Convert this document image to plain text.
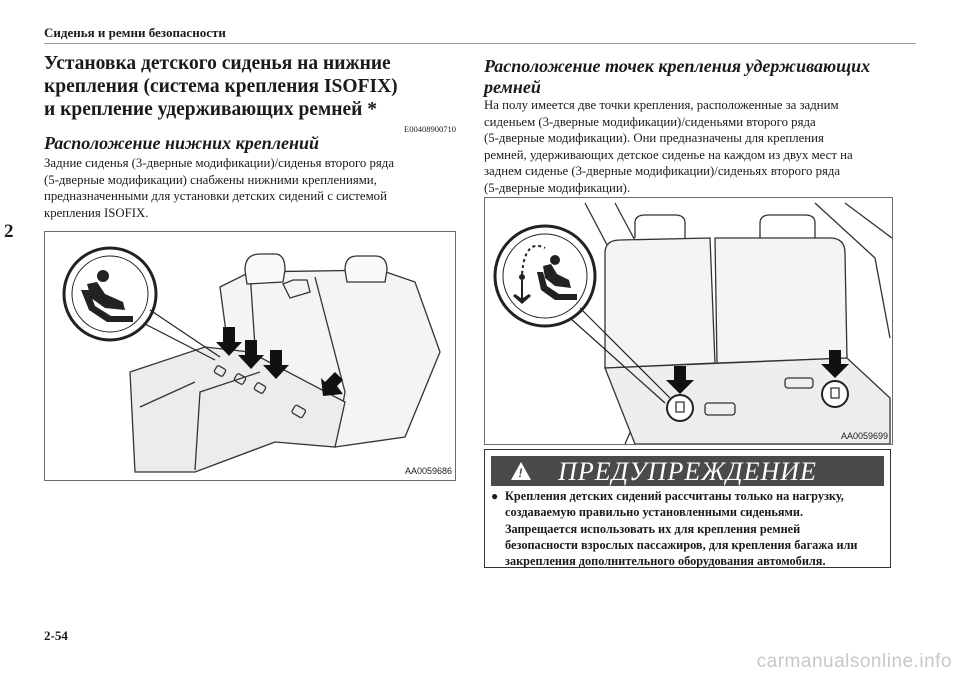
Сиденья и ремни безопасности
2
Установка детского сиденья на нижние
крепления (система крепления ISOFIX)
и крепление удерживающих ремней *
E00408900710
Расположение нижних креплений
Задние сиденья (3-дверные модификации)/сиденья второго ряда
(5-дверные модификации) снабжены нижними креплениями,
предназначенными для установки детских сидений с системой
крепления ISOFIX.
AA0059686
Расположение точек крепления удерживающих
ремней
На полу имеется две точки крепления, расположенные за задним
сиденьем (3-дверные модификации)/сиденьями второго ряда
(5-дверные модификации). Они предназначены для крепления
ремней, удерживающих детское сиденье на каждом из двух мест на
заднем сиденье (3-дверные модификации)/сиденьях второго ряда
(5-дверные модификации).
AA0059699
! ПРЕДУПРЕЖДЕНИЕ
● Крепления детских сидений рассчитаны только на нагрузку,
создаваемую правильно установленными сиденьями.
Запрещается использовать их для крепления ремней
безопасности взрослых пассажиров, для крепления багажа или
закрепления дополнительного оборудования автомобиля.
2-54
carmanualsonline.info
